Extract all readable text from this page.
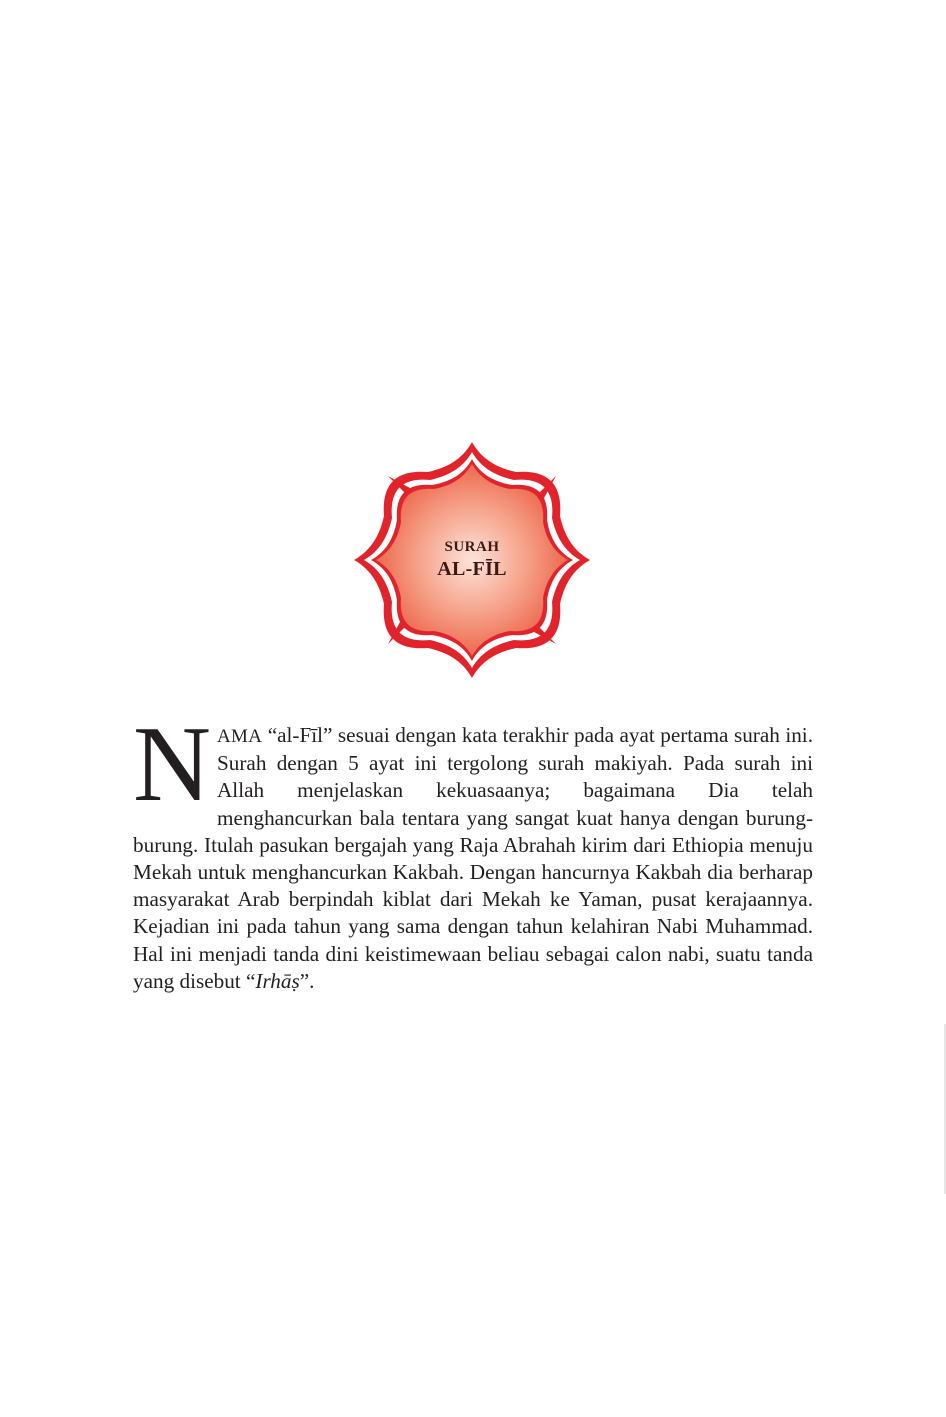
SURAH
AL-FĪL

NAMA “al-Fīl” sesuai dengan kata terakhir pada ayat pertama surah ini. Surah dengan 5 ayat ini tergolong surah makiyah. Pada surah ini Allah menjelaskan kekuasaanya; bagaimana Dia telah menghancurkan bala tentara yang sangat kuat hanya dengan burung-burung. Itulah pasukan bergajah yang Raja Abrahah kirim dari Ethiopia menuju Mekah untuk menghancurkan Kakbah. Dengan hancurnya Kakbah dia berharap masyarakat Arab berpindah kiblat dari Mekah ke Yaman, pusat kerajaannya. Kejadian ini pada tahun yang sama dengan tahun kelahiran Nabi Muhammad. Hal ini menjadi tanda dini keistimewaan beliau sebagai calon nabi, suatu tanda yang disebut “Irhāṣ”.
